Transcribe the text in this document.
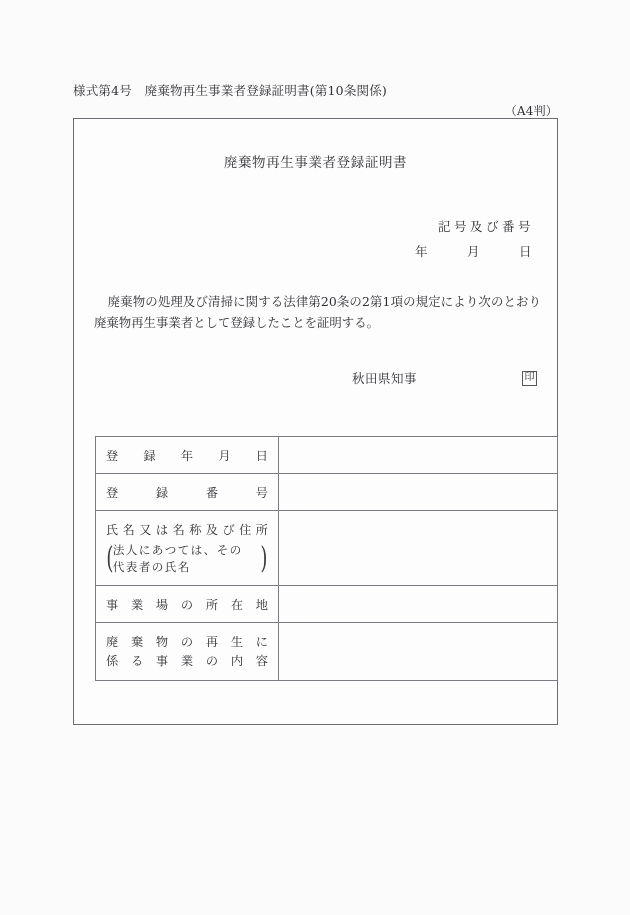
様式第4号　廃棄物再生事業者登録証明書(第10条関係)
（A4判）
廃棄物再生事業者登録証明書
記号及び番号
年　　　月　　　日
廃棄物の処理及び清掃に関する法律第20条の2第1項の規定により次のとおり廃棄物再生事業者として登録したことを証明する。
秋田県知事	印
登録年月日	

登録番号	

氏名又は名称及び住所
( 法人にあつては、その
代表者の氏名 )	

事業場の所在地	

廃棄物の再生に
係る事業の内容	
